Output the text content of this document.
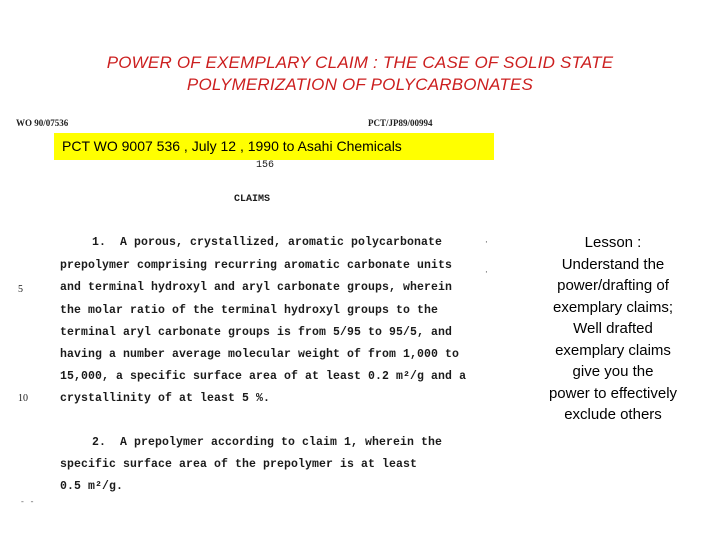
POWER OF EXEMPLARY CLAIM : THE CASE OF SOLID STATE
POLYMERIZATION OF POLYCARBONATES
WO 90/07536	PCT/JP89/00994
PCT WO 9007 536 , July 12 , 1990 to Asahi Chemicals
156
CLAIMS
1.  A porous, crystallized, aromatic polycarbonate
prepolymer comprising recurring aromatic carbonate units
and terminal hydroxyl and aryl carbonate groups, wherein
the molar ratio of the terminal hydroxyl groups to the
terminal aryl carbonate groups is from 5/95 to 95/5, and
having a number average molecular weight of from 1,000 to
15,000, a specific surface area of at least 0.2 m²/g and a
crystallinity of at least 5 %.
2.  A prepolymer according to claim 1, wherein the
specific surface area of the prepolymer is at least
0.5 m²/g.
5
10
·
·
‑ ‑
Lesson :
Understand the
power/drafting of
exemplary claims;
Well drafted
exemplary claims
give you the
power to effectively
exclude others
